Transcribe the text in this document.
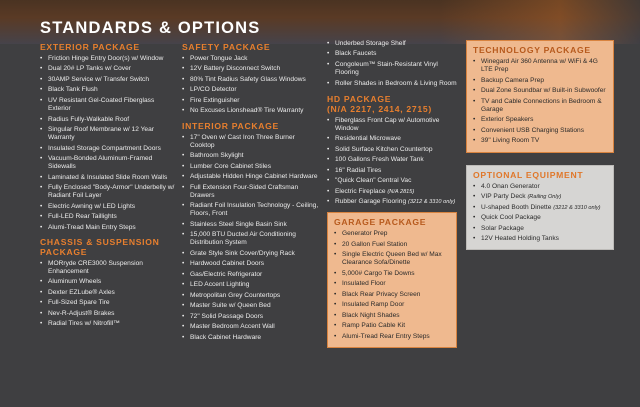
STANDARDS & OPTIONS
EXTERIOR PACKAGE
• Friction Hinge Entry Door(s) w/ Window
• Dual 20# LP Tanks w/ Cover
• 30AMP Service w/ Transfer Switch
• Black Tank Flush
• UV Resistant Gel-Coated Fiberglass Exterior
• Radius Fully-Walkable Roof
• Singular Roof Membrane w/ 12 Year Warranty
• Insulated Storage Compartment Doors
• Vacuum-Bonded Aluminum-Framed Sidewalls
• Laminated & Insulated Slide Room Walls
• Fully Enclosed "Body-Armor" Underbelly w/ Radiant Foil Layer
• Electric Awning w/ LED Lights
• Full-LED Rear Taillights
• Alumi-Tread Main Entry Steps
CHASSIS & SUSPENSION PACKAGE
• MORryde CRE3000 Suspension Enhancement
• Aluminum Wheels
• Dexter EZLube® Axles
• Full-Sized Spare Tire
• Nev-R-Adjust® Brakes
• Radial Tires w/ Nitrofill™
SAFETY PACKAGE
• Power Tongue Jack
• 12V Battery Disconnect Switch
• 80% Tint Radius Safety Glass Windows
• LP/CO Detector
• Fire Extinguisher
• No Excuses Lionshead® Tire Warranty
INTERIOR PACKAGE
• 17" Oven w/ Cast Iron Three Burner Cooktop
• Bathroom Skylight
• Lumber Core Cabinet Stiles
• Adjustable Hidden Hinge Cabinet Hardware
• Full Extension Four-Sided Craftsman Drawers
• Radiant Foil Insulation Technology - Ceiling, Floors, Front
• Stainless Steel Single Basin Sink
• 15,000 BTU Ducted Air Conditioning Distribution System
• Grate Style Sink Cover/Drying Rack
• Hardwood Cabinet Doors
• Gas/Electric Refrigerator
• LED Accent Lighting
• Metropolitan Grey Countertops
• Master Suite w/ Queen Bed
• 72" Solid Passage Doors
• Master Bedroom Accent Wall
• Black Cabinet Hardware
• Underbed Storage Shelf
• Black Faucets
• Congoleum™ Stain-Resistant Vinyl Flooring
• Roller Shades in Bedroom & Living Room
HD PACKAGE
(N/A 2217, 2414, 2715)
• Fiberglass Front Cap w/ Automotive Window
• Residential Microwave
• Solid Surface Kitchen Countertop
• 100 Gallons Fresh Water Tank
• 16" Radial Tires
• "Quick Clean" Central Vac
• Electric Fireplace (N/A 2815)
• Rubber Garage Flooring (3212 & 3310 only)
GARAGE PACKAGE
• Generator Prep
• 20 Gallon Fuel Station
• Single Electric Queen Bed w/ Max Clearance Sofa/Dinette
• 5,000# Cargo Tie Downs
• Insulated Floor
• Black Rear Privacy Screen
• Insulated Ramp Door
• Black Night Shades
• Ramp Patio Cable Kit
• Alumi-Tread Rear Entry Steps
TECHNOLOGY PACKAGE
• Winegard Air 360 Antenna w/ WiFi & 4G LTE Prep
• Backup Camera Prep
• Dual Zone Soundbar w/ Built-in Subwoofer
• TV and Cable Connections in Bedroom & Garage
• Exterior Speakers
• Convenient USB Charging Stations
• 39" Living Room TV
OPTIONAL EQUIPMENT
• 4.0 Onan Generator
• VIP Party Deck (Railing Only)
• U-shaped Booth Dinette (3212 & 3310 only)
• Quick Cool Package
• Solar Package
• 12V Heated Holding Tanks
